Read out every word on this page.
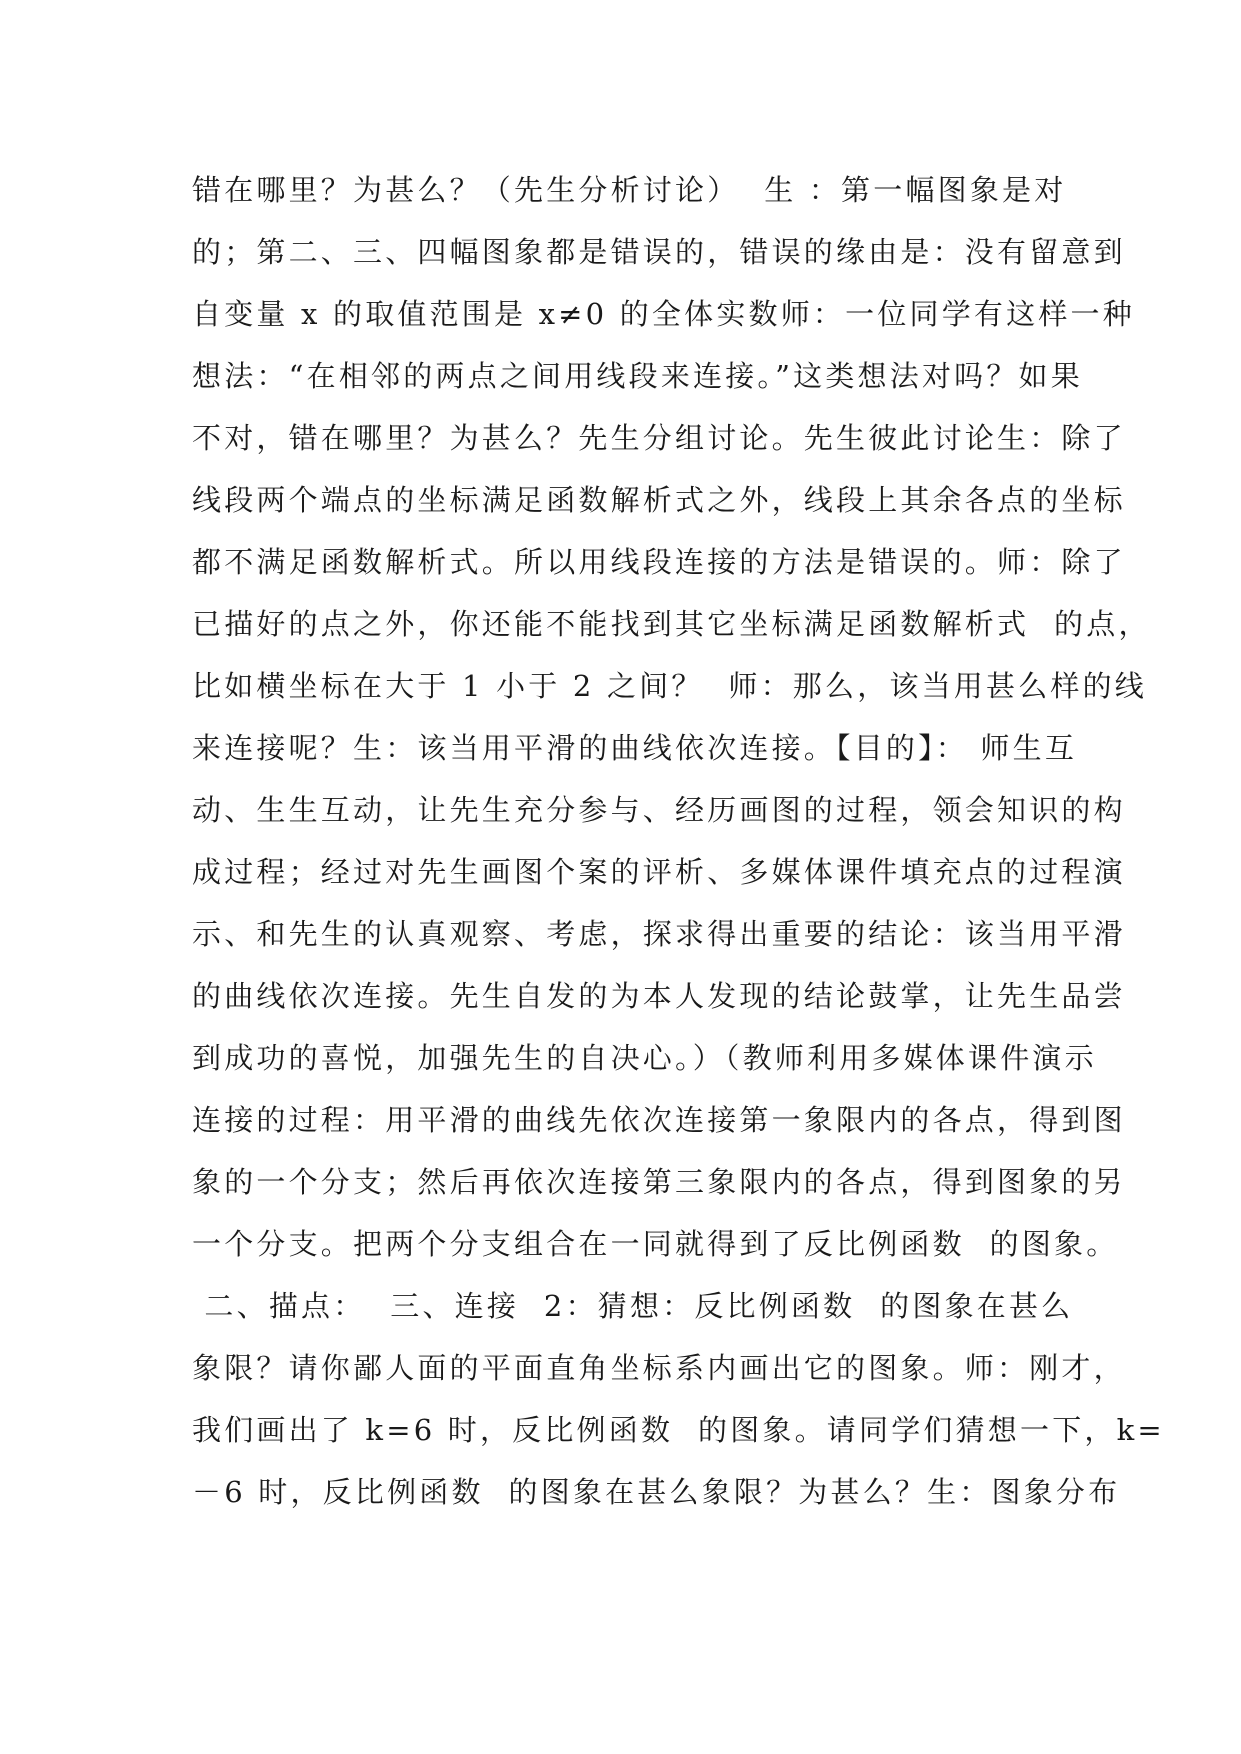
错在哪里？为甚么？（先生分析讨论）  生 ：第一幅图象是对
的；第二、三、四幅图象都是错误的，错误的缘由是：没有留意到
自变量 x 的取值范围是 x≠0 的全体实数师：一位同学有这样一种
想法：“在相邻的两点之间用线段来连接。”这类想法对吗？如果
不对，错在哪里？为甚么？先生分组讨论。先生彼此讨论生：除了
线段两个端点的坐标满足函数解析式之外，线段上其余各点的坐标
都不满足函数解析式。所以用线段连接的方法是错误的。师：除了
已描好的点之外，你还能不能找到其它坐标满足函数解析式  的点，
比如横坐标在大于 1 小于 2 之间？  师：那么，该当用甚么样的线
来连接呢？生：该当用平滑的曲线依次连接。【目的】： 师生互
动、生生互动，让先生充分参与、经历画图的过程，领会知识的构
成过程；经过对先生画图个案的评析、多媒体课件填充点的过程演
示、和先生的认真观察、考虑，探求得出重要的结论：该当用平滑
的曲线依次连接。先生自发的为本人发现的结论鼓掌，让先生品尝
到成功的喜悦，加强先生的自决心。）（教师利用多媒体课件演示
连接的过程：用平滑的曲线先依次连接第一象限内的各点，得到图
象的一个分支；然后再依次连接第三象限内的各点，得到图象的另
一个分支。把两个分支组合在一同就得到了反比例函数  的图象。
二、描点：  三、连接  2：猜想：反比例函数  的图象在甚么
象限？请你鄙人面的平面直角坐标系内画出它的图象。师：刚才，
我们画出了 k=6 时，反比例函数  的图象。请同学们猜想一下，k=
－6 时，反比例函数  的图象在甚么象限？为甚么？生：图象分布
